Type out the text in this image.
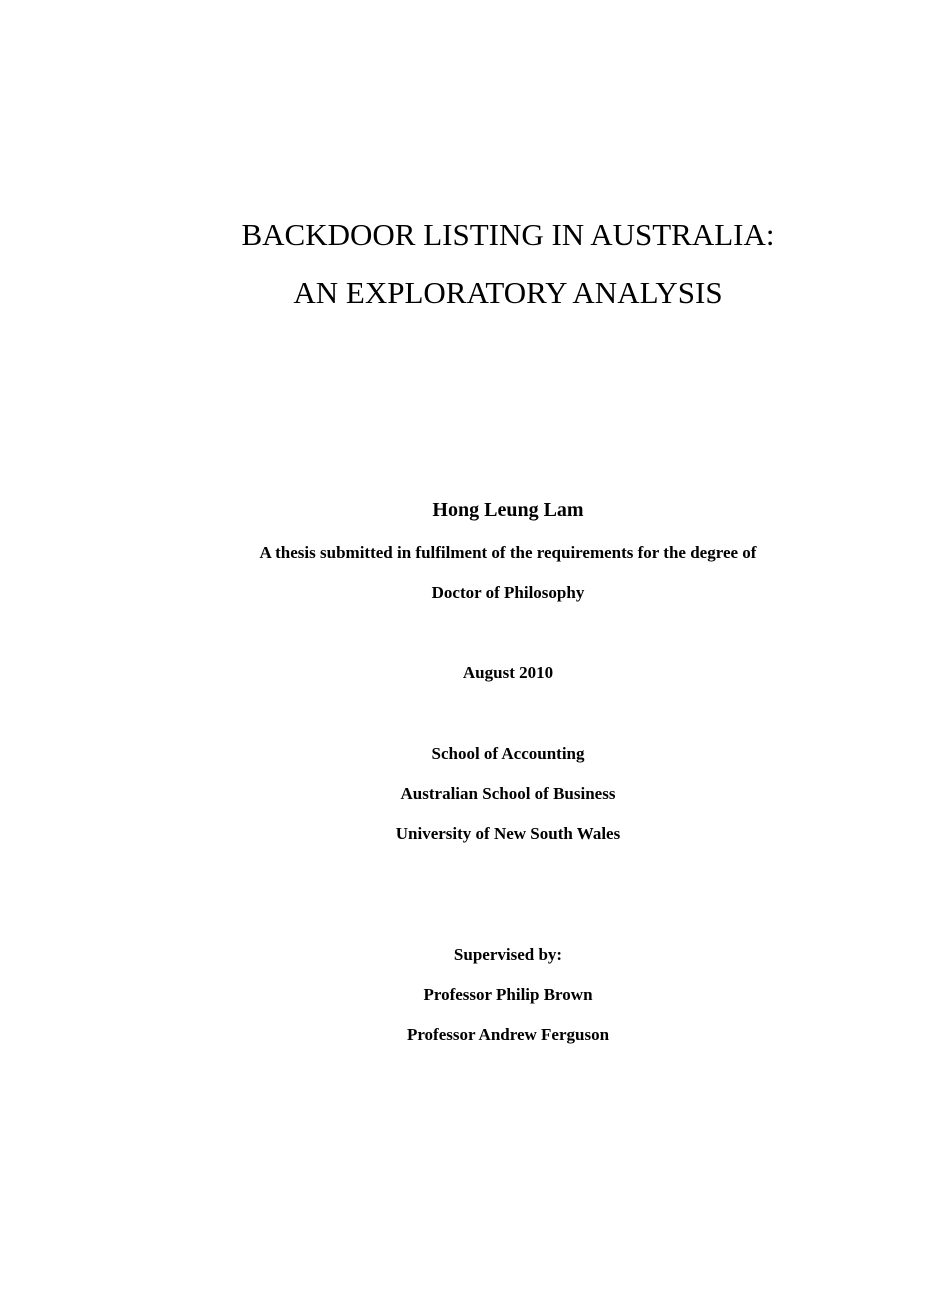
BACKDOOR LISTING IN AUSTRALIA:
AN EXPLORATORY ANALYSIS
Hong Leung Lam
A thesis submitted in fulfilment of the requirements for the degree of
Doctor of Philosophy
August 2010
School of Accounting
Australian School of Business
University of New South Wales
Supervised by:
Professor Philip Brown
Professor Andrew Ferguson
